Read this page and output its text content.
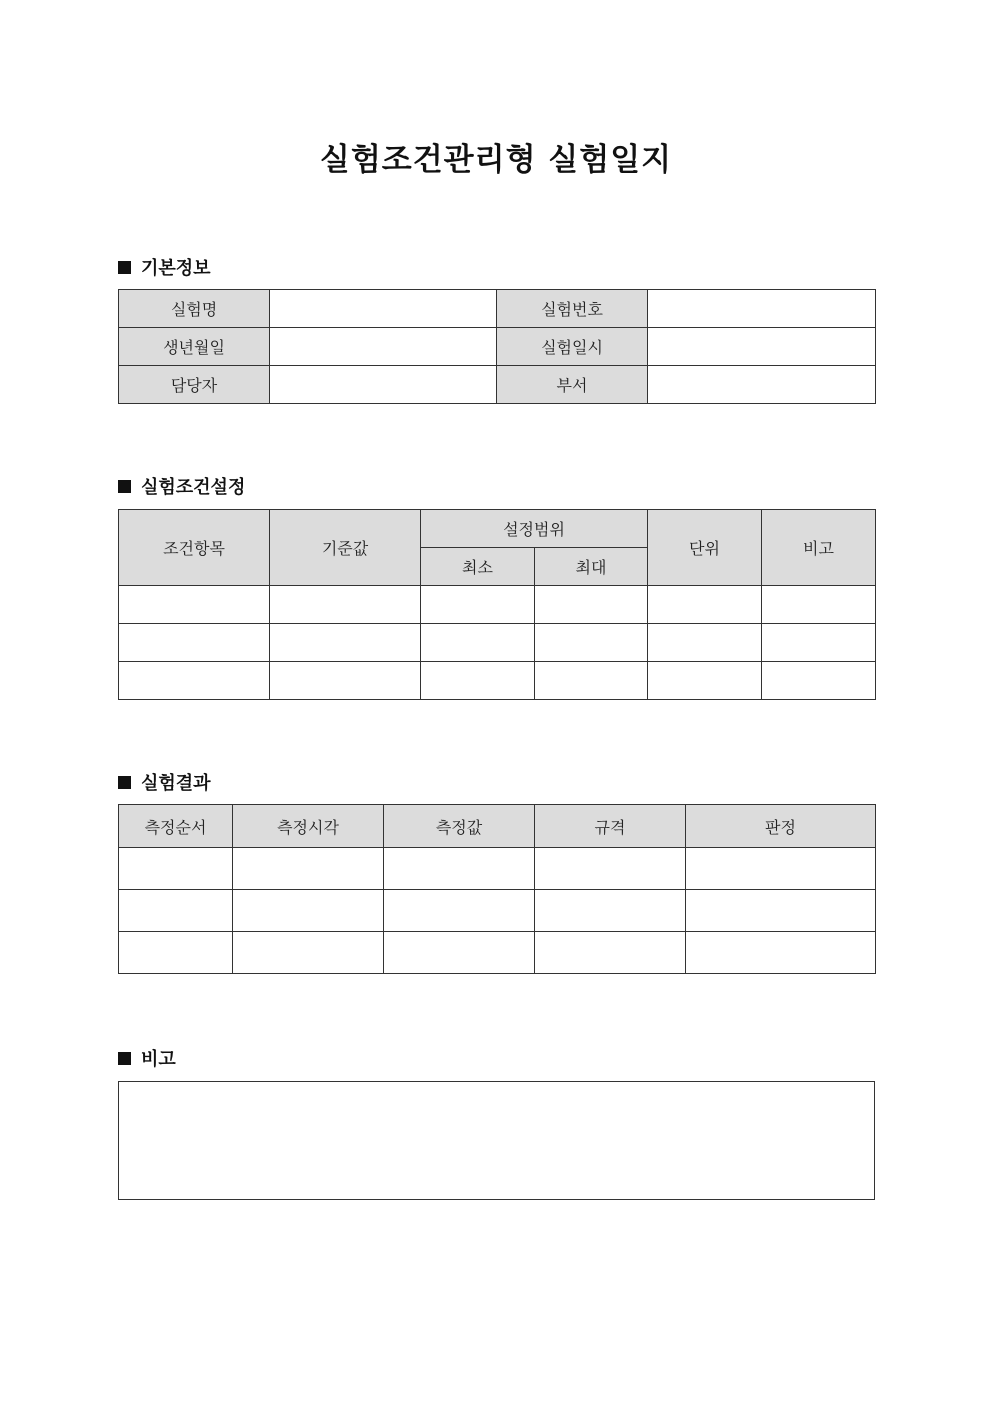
실험조건관리형 실험일지
기본정보
실험명		실험번호	
생년월일		실험일시	
담당자		부서	
실험조건설정
조건항목	기준값	설정범위		단위	비고
		최소	최대		

실험결과
측정순서	측정시각	측정값	규격	판정

비고
